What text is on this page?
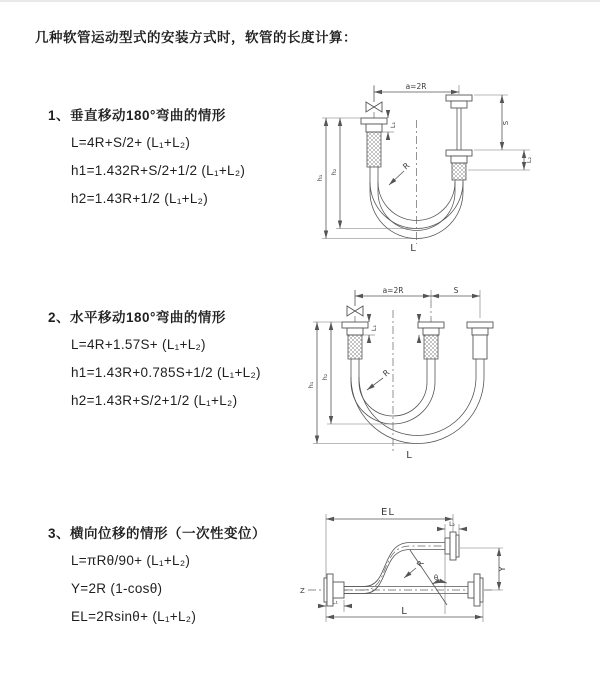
几种软管运动型式的安装方式时，软管的长度计算：
1、垂直移动180°弯曲的情形
L=4R+S/2+ (L₁+L₂)
h1=1.432R+S/2+1/2 (L₁+L₂)
h2=1.43R+1/2 (L₁+L₂)
2、水平移动180°弯曲的情形
L=4R+1.57S+ (L₁+L₂)
h1=1.43R+0.785S+1/2 (L₁+L₂)
h2=1.43R+S/2+1/2 (L₁+L₂)
3、横向位移的情形（一次性变位）
L=πRθ/90+ (L₁+L₂)
Y=2R (1-cosθ)
EL=2Rsinθ+ (L₁+L₂)
a=2R
S
L₂
h₁
h₂
L₁
R
L
a=2R	S
h₁
h₂
L₁
R
L
Z
EL
L₂
Y
L
L₁
R
θ
